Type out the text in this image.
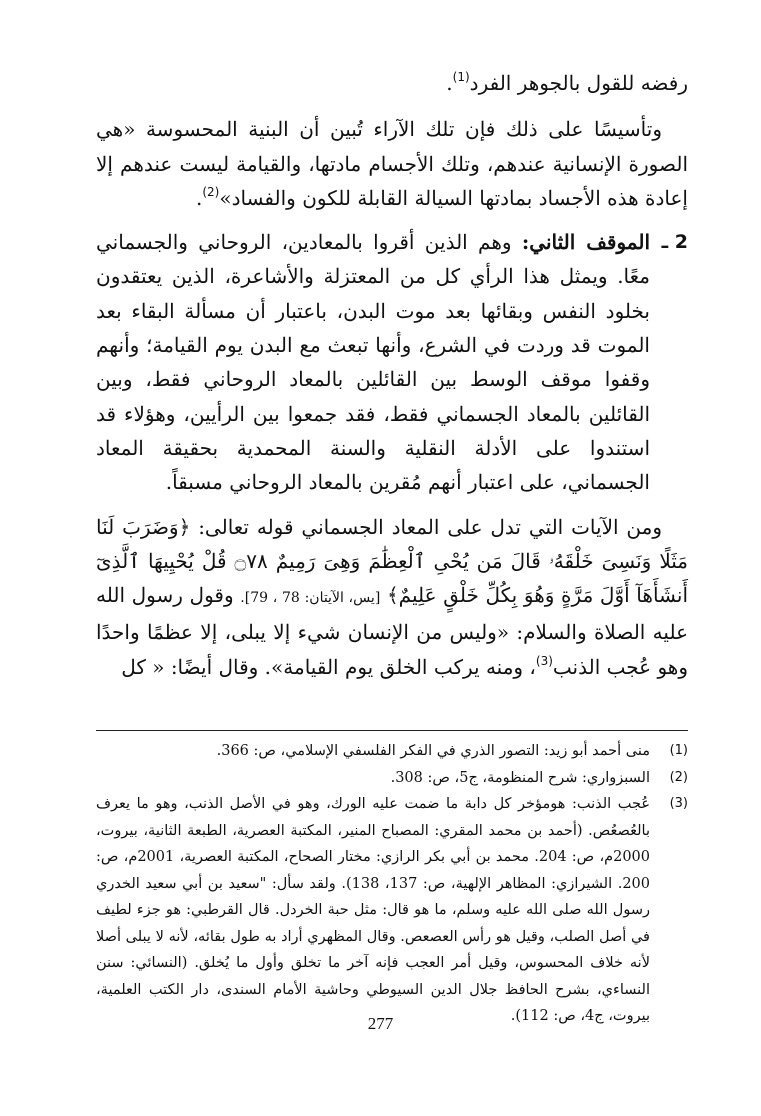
رفضه للقول بالجوهر الفرد$^{(1)}$.

وتأسيسًا على ذلك فإن تلك الآراء تُبين أن البنية المحسوسة «هي الصورة الإنسانية عندهم، وتلك الأجسام مادتها، والقيامة ليست عندهم إلا إعادة هذه الأجساد بمادتها السيالة القابلة للكون والفساد»$^{(2)}$.

2 ـ

الموقف الثاني: وهم الذين أقروا بالمعادين، الروحاني والجسماني معًا. ويمثل هذا الرأي كل من المعتزلة والأشاعرة، الذين يعتقدون بخلود النفس وبقائها بعد موت البدن، باعتبار أن مسألة البقاء بعد الموت قد وردت في الشرع، وأنها تبعث مع البدن يوم القيامة؛ وأنهم وقفوا موقف الوسط بين القائلين بالمعاد الروحاني فقط، وبين القائلين بالمعاد الجسماني فقط، فقد جمعوا بين الرأيين، وهؤلاء قد استندوا على الأدلة النقلية والسنة المحمدية بحقيقة المعاد الجسماني، على اعتبار أنهم مُقرين بالمعاد الروحاني مسبقاً.

ومن الآيات التي تدل على المعاد الجسماني قوله تعالى: ﴿وَضَرَبَ لَنَا مَثَلًا وَنَسِىَ خَلْقَهُۥ قَالَ مَن يُحْىِ ٱلْعِظَٰمَ وَهِىَ رَمِيمٌ ۝٧٨ قُلْ يُحْيِيهَا ٱلَّذِىٓ أَنشَأَهَآ أَوَّلَ مَرَّةٍ وَهُوَ بِكُلِّ خَلْقٍ عَلِيمٌ﴾ [يس، الآيتان: 78 ، 79]. وقول رسول الله عليه الصلاة والسلام: «وليس من الإنسان شيء إلا يبلى، إلا عظمًا واحدًا وهو عُجب الذنب$^{(3)}$، ومنه يركب الخلق يوم القيامة». وقال أيضًا: « كل

(1)
منى أحمد أبو زيد: التصور الذري في الفكر الفلسفي الإسلامي، ص: 366.
(2)
السبزواري: شرح المنظومة، ج5، ص: 308.
(3)
عُجب الذنب: هومؤخر كل دابة ما ضمت عليه الورك، وهو في الأصل الذنب، وهو ما يعرف بالعُصعُص. (أحمد بن محمد المقري: المصباح المنير، المكتبة العصرية، الطبعة الثانية، بيروت، 2000م، ص: 204. محمد بن أبي بكر الرازي: مختار الصحاح، المكتبة العصرية، 2001م، ص: 200. الشيرازي: المظاهر الإلهية، ص: 137، 138). ولقد سأل: "سعيد بن أبي سعيد الخدري رسول الله صلى الله عليه وسلم، ما هو قال: مثل حبة الخردل. قال القرطبي: هو جزء لطيف في أصل الصلب، وقيل هو رأس العصعص. وقال المظهري أراد به طول بقائه، لأنه لا يبلى أصلا لأنه خلاف المحسوس، وقيل أمر العجب فإنه آخر ما تخلق وأول ما يُخلق. (النسائي: سنن النساءي، بشرح الحافظ جلال الدين السيوطي وحاشية الأمام السندى، دار الكتب العلمية، بيروت، ج4، ص: 112).
277
